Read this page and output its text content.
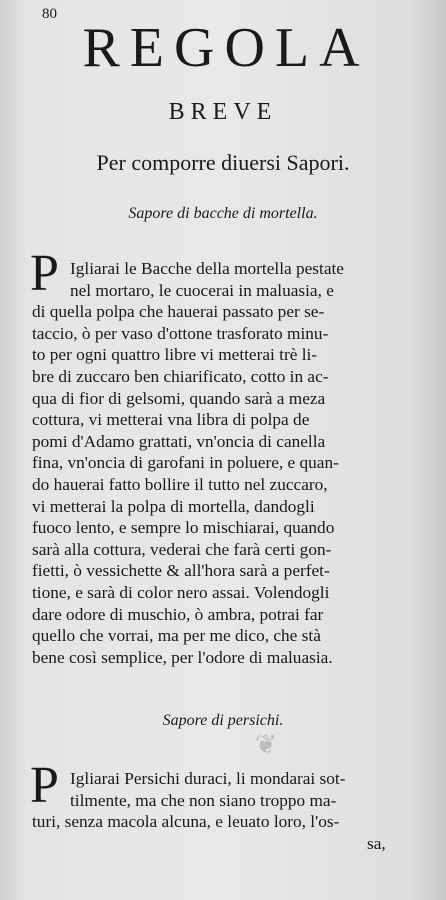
80
REGOLA
BREVE
Per comporre diuersi Sapori.
Sapore di bacche di mortella.
P Igliarai le Bacche della mortella pestate
nel mortaro, le cuocerai in maluasia, e
di quella polpa che hauerai passato per se-
taccio, ò per vaso d'ottone trasforato minu-
to per ogni quattro libre vi metterai trè li-
bre di zuccaro ben chiarificato, cotto in ac-
qua di fior di gelsomi, quando sarà a meza
cottura, vi metterai vna libra di polpa de
pomi d'Adamo grattati, vn'oncia di canella
fina, vn'oncia di garofani in poluere, e quan-
do hauerai fatto bollire il tutto nel zuccaro,
vi metterai la polpa di mortella, dandogli
fuoco lento, e sempre lo mischiarai, quando
sarà alla cottura, vederai che farà certi gon-
fietti, ò vessichette & all'hora sarà a perfet-
tione, e sarà di color nero assai. Volendogli
dare odore di muschio, ò ambra, potrai far
quello che vorrai, ma per me dico, che stà
bene così semplice, per l'odore di maluasia.
Sapore di persichi.
❦
P Igliarai Persichi duraci, li mondarai sot-
tilmente, ma che non siano troppo ma-
turi, senza macola alcuna, e leuato loro, l'os-
sa,
